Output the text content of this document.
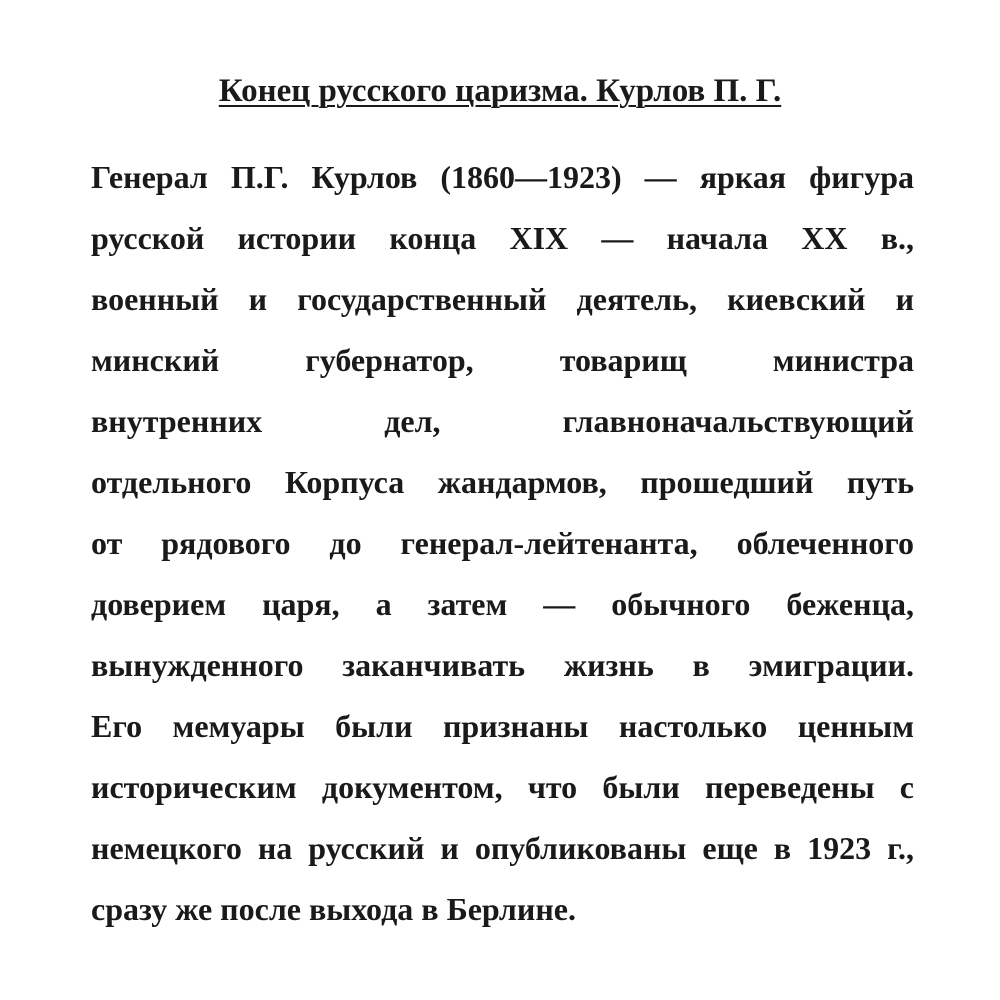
Конец русского царизма. Курлов П. Г.
Генерал П.Г. Курлов (1860—1923) — яркая фигура
русской истории конца XIX — начала XX в.,
военный и государственный деятель, киевский и
минский губернатор, товарищ министра
внутренних дел, главноначальствующий
отдельного Корпуса жандармов, прошедший путь
от рядового до генерал-лейтенанта, облеченного
доверием царя, а затем — обычного беженца,
вынужденного заканчивать жизнь в эмиграции.
Его мемуары были признаны настолько ценным
историческим документом, что были переведены с
немецкого на русский и опубликованы еще в 1923 г.,
сразу же после выхода в Берлине.
